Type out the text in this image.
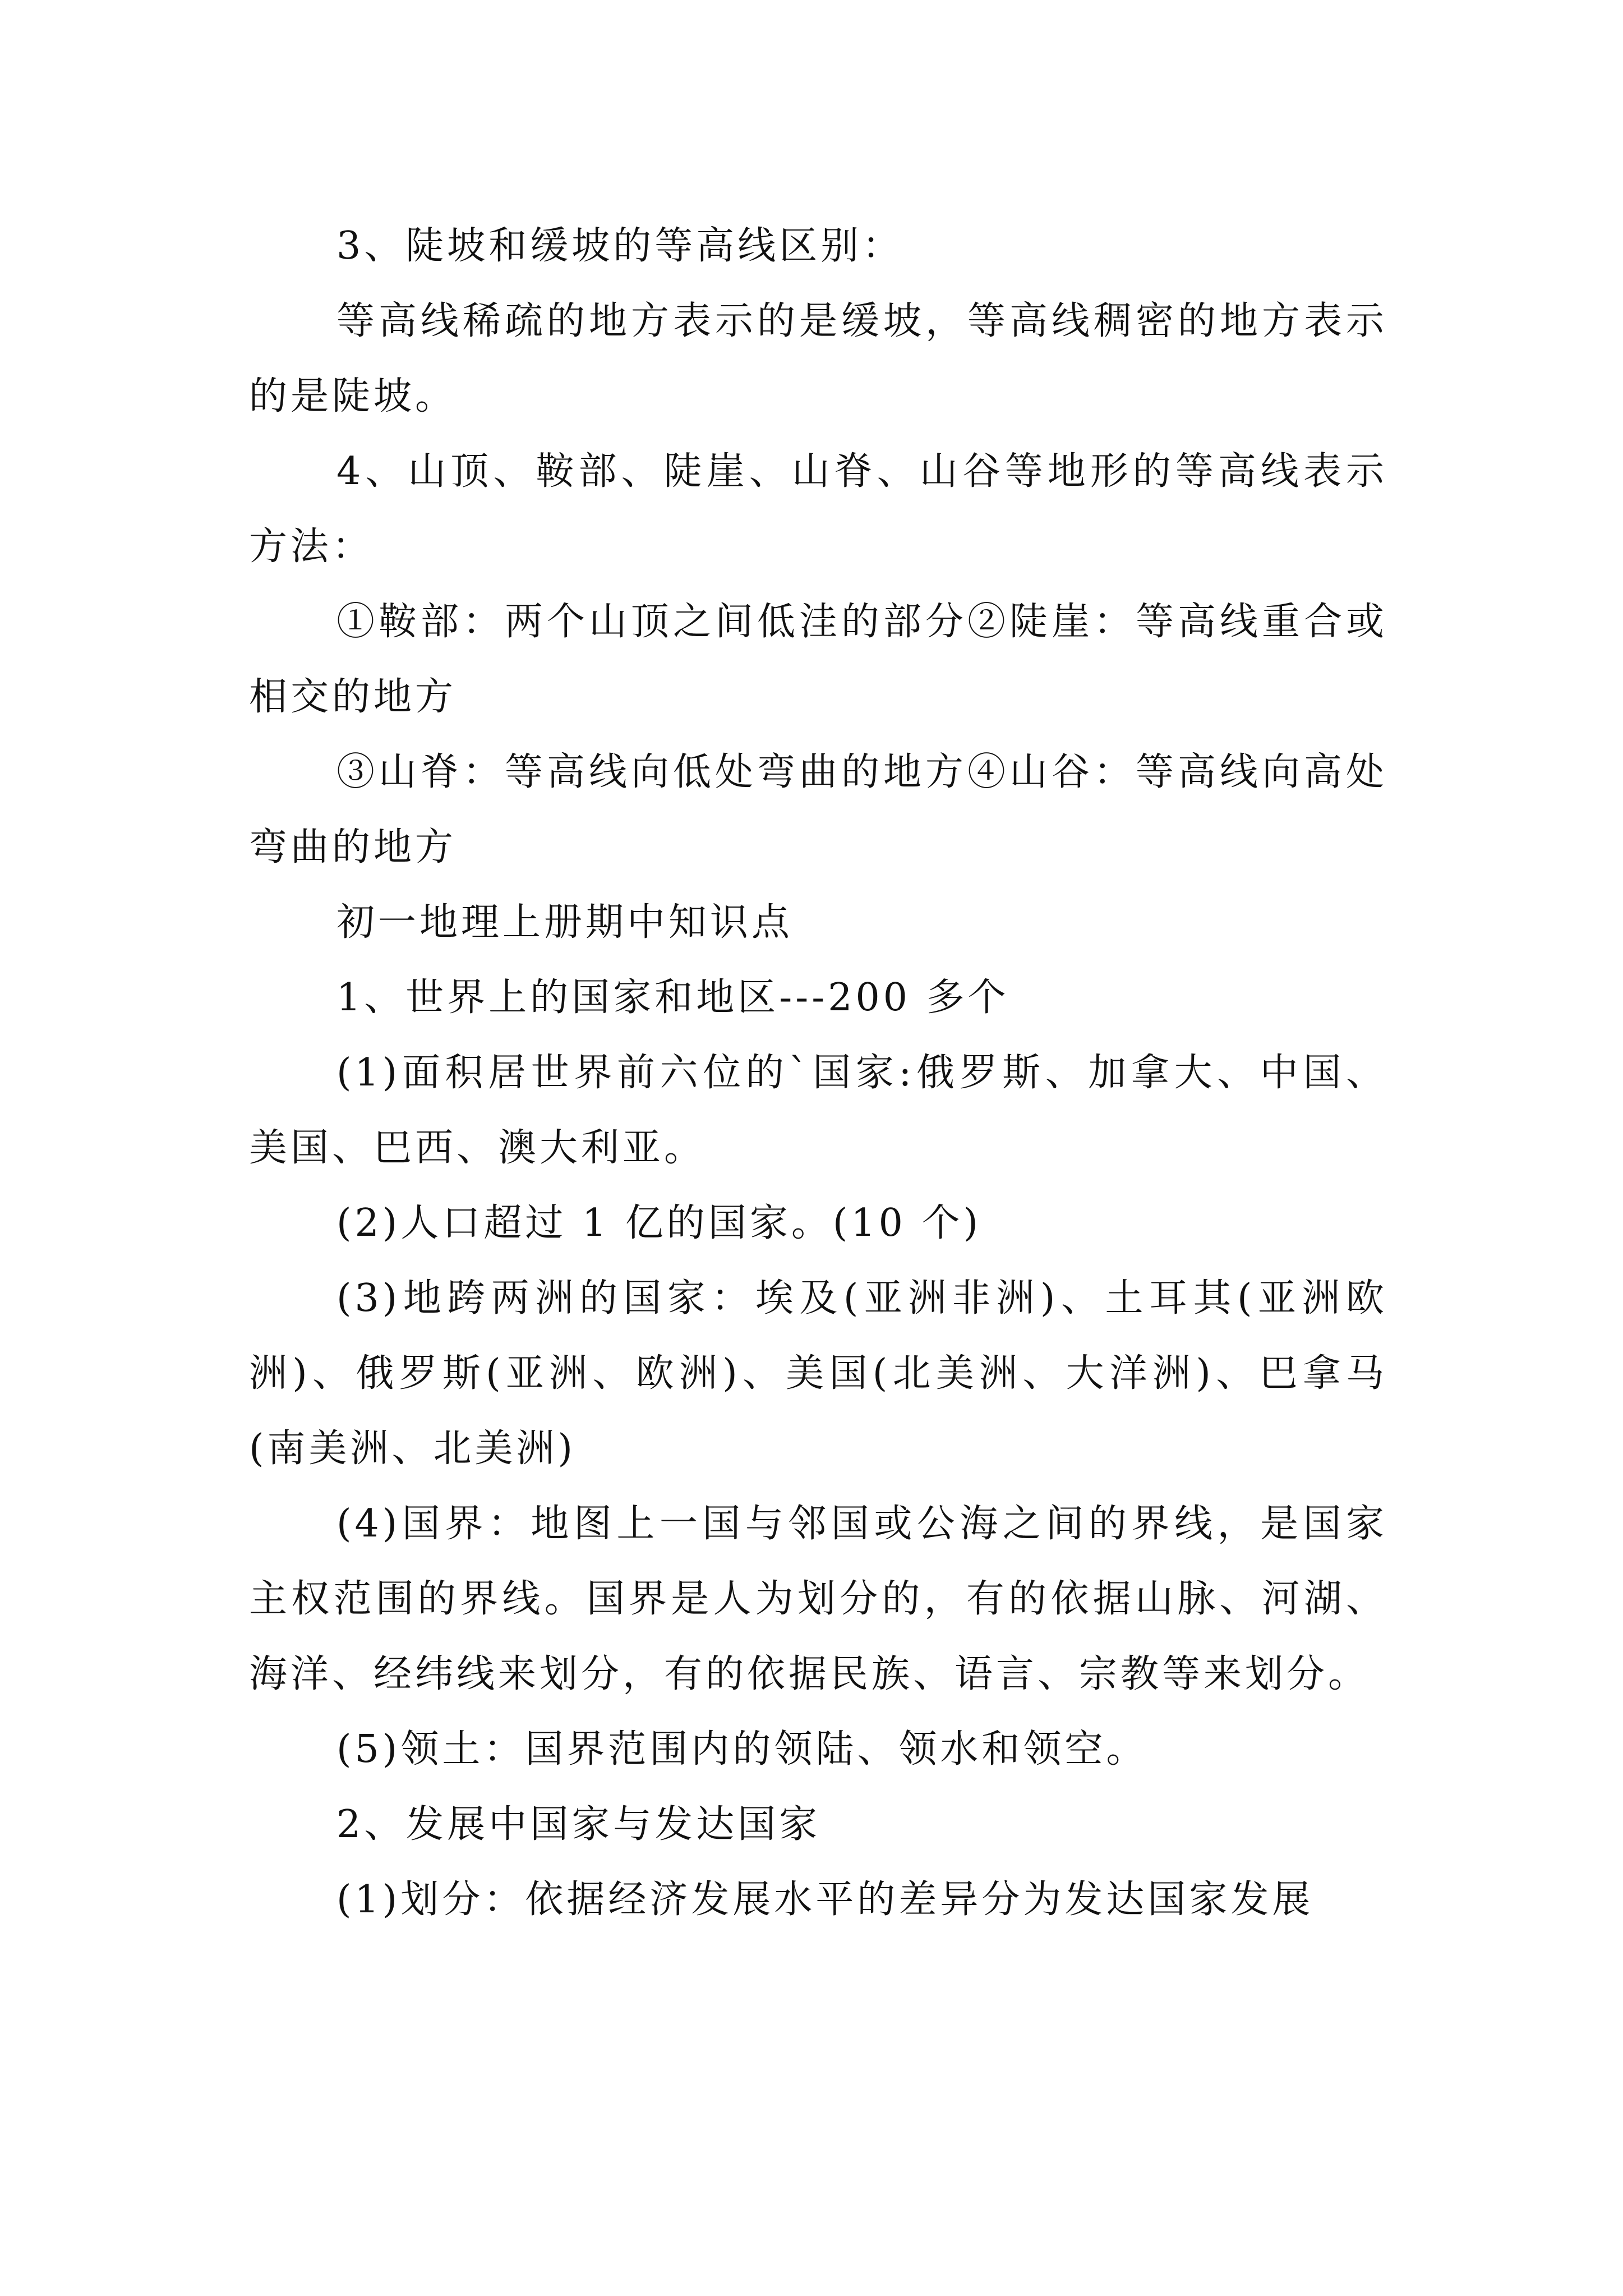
3、陡坡和缓坡的等高线区别：

等高线稀疏的地方表示的是缓坡，等高线稠密的地方表示的是陡坡。

4、山顶、鞍部、陡崖、山脊、山谷等地形的等高线表示方法：

①鞍部：两个山顶之间低洼的部分②陡崖：等高线重合或相交的地方

③山脊：等高线向低处弯曲的地方④山谷：等高线向高处弯曲的地方

初一地理上册期中知识点

1、世界上的国家和地区---200 多个

(1)面积居世界前六位的`国家:俄罗斯、加拿大、中国、美国、巴西、澳大利亚。

(2)人口超过 1 亿的国家。(10 个)

(3)地跨两洲的国家：埃及(亚洲非洲)、土耳其(亚洲欧洲)、俄罗斯(亚洲、欧洲)、美国(北美洲、大洋洲)、巴拿马(南美洲、北美洲)

(4)国界：地图上一国与邻国或公海之间的界线，是国家主权范围的界线。国界是人为划分的，有的依据山脉、河湖、海洋、经纬线来划分，有的依据民族、语言、宗教等来划分。

(5)领土：国界范围内的领陆、领水和领空。

2、发展中国家与发达国家

(1)划分：依据经济发展水平的差异分为发达国家发展
